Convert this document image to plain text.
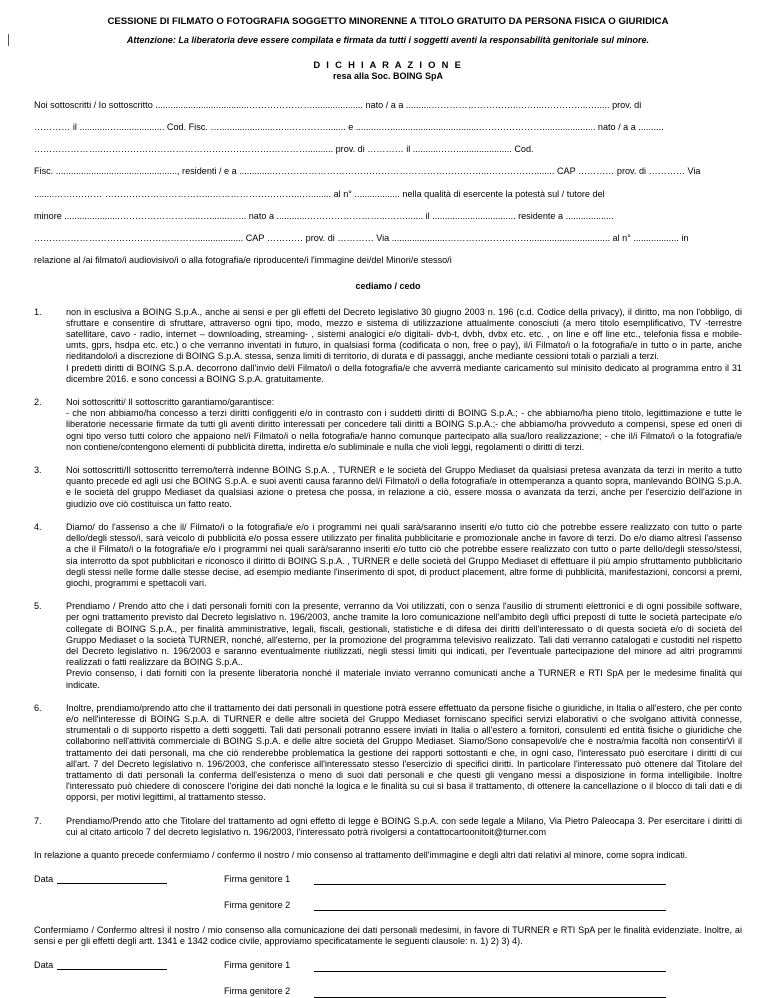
CESSIONE DI FILMATO O FOTOGRAFIA SOGGETTO MINORENNE A TITOLO GRATUITO DA PERSONA FISICA O GIURIDICA
Attenzione: La liberatoria deve essere compilata e firmata da tutti i soggetti aventi la responsabilità genitoriale sul minore.
D I C H I A R A Z I O N E
resa alla Soc. BOING SpA

Noi sottoscritti / Io sottoscritto .....................................………………….................... nato / a a ..........………………………..……...…………...…..... prov. di

………… il ............….................. Cod. Fisc. …......................…..…………........ e ..........…...................................…………………..................... nato / a a ..........

…………………..……………………………………….……….………….......... prov. di ………… il ..........……...................... Cod.

Fisc. ................................................, residenti / e a .............……………………………………………………………...……………........ CAP ………… prov. di ………… Via

........…….……… ……………………………...………………………...…........ al n° .................. nella qualità di esercente la potestà sul / tutore del

minore ......................……………………...…........…... nato a ............……………………...……....... il ................................. residente a ...................

……………………………………………….................. CAP ………… prov. di ………… Via ......................………………………................................ al n° .................. in

relazione al /ai filmato/i audiovisivo/i o alla fotografia/e riproducente/i l'immagine dei/del Minori/e stesso/i

cediamo / cedo
1.	non in esclusiva a BOING S.p.A., anche ai sensi e per gli effetti del Decreto legislativo 30 giugno 2003 n. 196 (c.d. Codice della privacy), il diritto, ma non l'obbligo, di sfruttare e consentire di sfruttare, attraverso ogni tipo, modo, mezzo e sistema di utilizzazione attualmente conosciuti (a mero titolo esemplificativo, TV -terrestre satellitare, cavo - radio, internet – downloading, streaming- , sistemi analogici e/o digitali- dvb-t, dvbh, dvbx etc. etc. , on line e off line etc., telefonia fissa e mobile- umts, gprs, hsdpa etc. etc.) o che verranno inventati in futuro, in qualsiasi forma (codificata o non, free o pay), il/i Filmato/i o la fotografia/e in tutto o in parte, anche rieditandolo/i a discrezione di BOING S.p.A. stessa, senza limiti di territorio, di durata e di passaggi, anche mediante cessioni totali o parziali a terzi.
I predetti diritti di BOING S.p.A. decorrono dall'invio del/i Filmato/i o della fotografia/e che avverrà mediante caricamento sul minisito dedicato al programma entro il 31 dicembre 2016. e sono concessi a BOING S.p.A. gratuitamente.
2.	Noi sottoscritti/ Il sottoscritto garantiamo/garantisce:
- che non abbiamo/ha concesso a terzi diritti configgenti e/o in contrasto con i suddetti diritti di BOING S.p.A.; - che abbiamo/ha pieno titolo, legittimazione e tutte le liberatorie necessarie firmate da tutti gli aventi diritto interessati per concedere tali diritti a BOING S.p.A.;- che abbiamo/ha provveduto a compensi, spese ed oneri di ogni tipo verso tutti coloro che appaiono nel/i Filmato/i o nella fotografia/e hanno comunque partecipato alla sua/loro realizzazione; - che il/i Filmato/i o la fotografia/e non contiene/contengono elementi di pubblicità diretta, indiretta e/o subliminale e nulla che violi leggi, regolamenti o diritti di terzi.
3.	Noi sottoscritti/Il sottoscritto terremo/terrà indenne BOING S.p.A. , TURNER e le società del Gruppo Mediaset da qualsiasi pretesa avanzata da terzi in merito a tutto quanto precede ed agli usi che BOING S.p.A. e suoi aventi causa faranno del/i Filmato/i o della fotografia/e in ottemperanza a quanto sopra, manlevando BOING S.p.A. e le società del gruppo Mediaset da qualsiasi azione o pretesa che possa, in relazione a ciò, essere mossa o avanzata da terzi, anche per l'esercizio dell'azione in giudizio ove ciò costituisca un fatto reato.
4.	Diamo/ do l'assenso a che il/ Filmato/i o la fotografia/e e/o i programmi nei quali sarà/saranno inseriti e/o tutto ciò che potrebbe essere realizzato con tutto o parte dello/degli stesso/i, sarà veicolo di pubblicità e/o possa essere utilizzato per finalità pubblicitarie e promozionale anche in favore di terzi. Do e/o diamo altresì l'assenso a che il Filmato/i o la fotografia/e e/o i programmi nei quali sarà/saranno inseriti e/o tutto ciò che potrebbe essere realizzato con tutto o parte dello/degli stesso/stessi, sia interrotto da spot pubblicitari e riconosco il diritto di BOING S.p.A. , TURNER e delle società del Gruppo Mediaset di effettuare il più ampio sfruttamento pubblicitario degli stessi nelle forme dalle stesse decise, ad esempio mediante l'inserimento di spot, di product placement, altre forme di pubblicità, manifestazioni, concorsi a premi, giochi, programmi e spettacoli vari.
5.	Prendiamo / Prendo atto che i dati personali forniti con la presente, verranno da Voi utilizzati, con o senza l'ausilio di strumenti elettronici e di ogni possibile software, per ogni trattamento previsto dal Decreto legislativo n. 196/2003, anche tramite la loro comunicazione nell'ambito degli uffici preposti di tutte le società partecipate e/o collegate di BOING S.p.A., per finalità amministrative, legali, fiscali, gestionali, statistiche e di difesa dei diritti dell'interessato o di questa società e/o di società del Gruppo Mediaset o la società TURNER, nonché, all'esterno, per la promozione del programma televisivo realizzato. Tali dati verranno catalogati e custoditi nel rispetto del Decreto legislativo n. 196/2003 e saranno eventualmente riutilizzati, negli stessi limiti qui indicati, per l'eventuale partecipazione del minore ad altri programmi realizzati o fatti realizzare da BOING S.p.A..
Previo consenso, i dati forniti con la presente liberatoria nonché il materiale inviato verranno comunicati anche a TURNER e RTI SpA per le medesime finalità qui indicate.
6.	Inoltre, prendiamo/prendo atto che il trattamento dei dati personali in questione potrà essere effettuato da persone fisiche o giuridiche, in Italia o all'estero, che per conto e/o nell'interesse di BOING S.p.A. di TURNER e delle altre società del Gruppo Mediaset forniscano specifici servizi elaborativi o che svolgano attività connesse, strumentali o di supporto rispetto a detti soggetti. Tali dati personali potranno essere inviati in Italia o all'estero a fornitori, consulenti ed entità fisiche o giuridiche che collaborino nell'attività commerciale di BOING S.p.A. e delle altre società del Gruppo Mediaset. Siamo/Sono consapevoli/e che è nostra/mia facoltà non consentirVi il trattamento dei dati personali, ma che ciò renderebbe problematica la gestione dei rapporti sottostanti e che, in ogni caso, l'interessato può esercitare i diritti di cui all'art. 7 del Decreto legislativo n. 196/2003, che conferisce all'interessato stesso l'esercizio di specifici diritti. In particolare l'interessato può ottenere dal Titolare del trattamento di dati personali la conferma dell'esistenza o meno di suoi dati personali e che questi gli vengano messi a disposizione in forma intelligibile. Inoltre l'interessato può chiedere di conoscere l'origine dei dati nonché la logica e le finalità su cui si basa il trattamento, di ottenere la cancellazione o il blocco di tali dati e di opporsi, per motivi legittimi, al trattamento stesso.
7.	Prendiamo/Prendo atto che Titolare del trattamento ad ogni effetto di legge è BOING S.p.A. con sede legale a Milano, Via Pietro Paleocapa 3. Per esercitare i diritti di cui al citato articolo 7 del decreto legislativo n. 196/2003, l'interessato potrà rivolgersi a contattocartoonitoit@turner.com
In relazione a quanto precede confermiamo / confermo il nostro / mio consenso al trattamento dell'immagine e degli altri dati relativi al minore, come sopra indicati.
Data	Firma genitore 1
Firma genitore 2
Confermiamo / Confermo altresì il nostro / mio consenso alla comunicazione dei dati personali medesimi, in favore di TURNER e RTI SpA per le finalità evidenziate. Inoltre, ai sensi e per gli effetti degli artt. 1341 e 1342 codice civile, approviamo specificatamente le seguenti clausole: n. 1) 2) 3) 4).
Data	Firma genitore 1
Firma genitore 2
